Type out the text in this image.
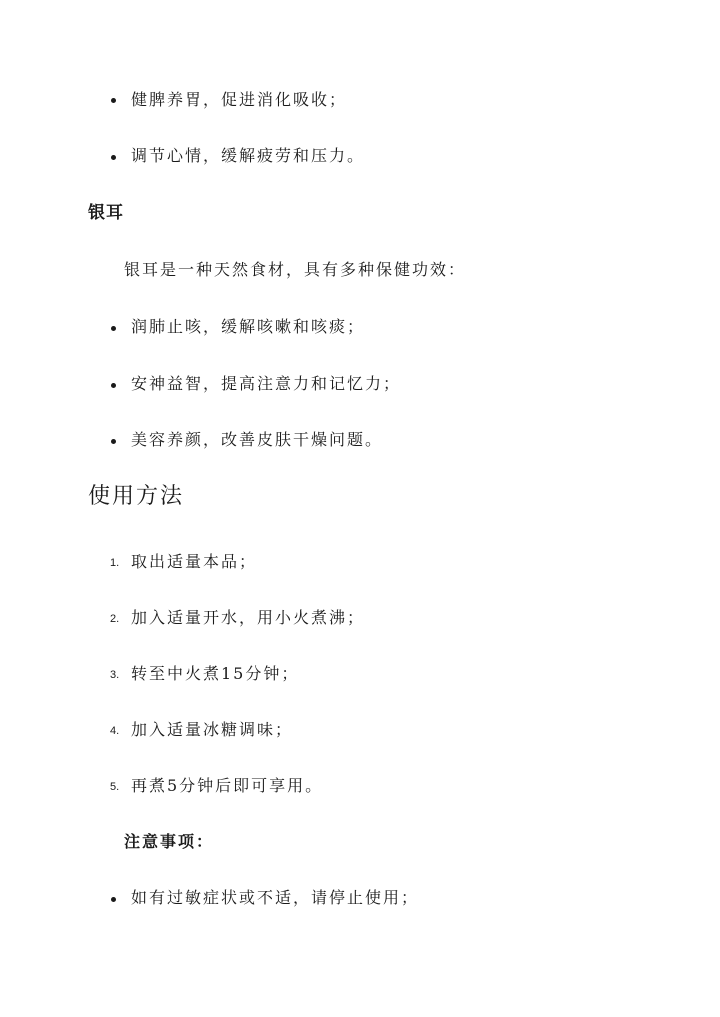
健脾养胃，促进消化吸收；
调节心情，缓解疲劳和压力。
银耳
银耳是一种天然食材，具有多种保健功效：
润肺止咳，缓解咳嗽和咳痰；
安神益智，提高注意力和记忆力；
美容养颜，改善皮肤干燥问题。
使用方法
1. 取出适量本品；
2. 加入适量开水，用小火煮沸；
3. 转至中火煮15分钟；
4. 加入适量冰糖调味；
5. 再煮5分钟后即可享用。
注意事项：
如有过敏症状或不适，请停止使用；
